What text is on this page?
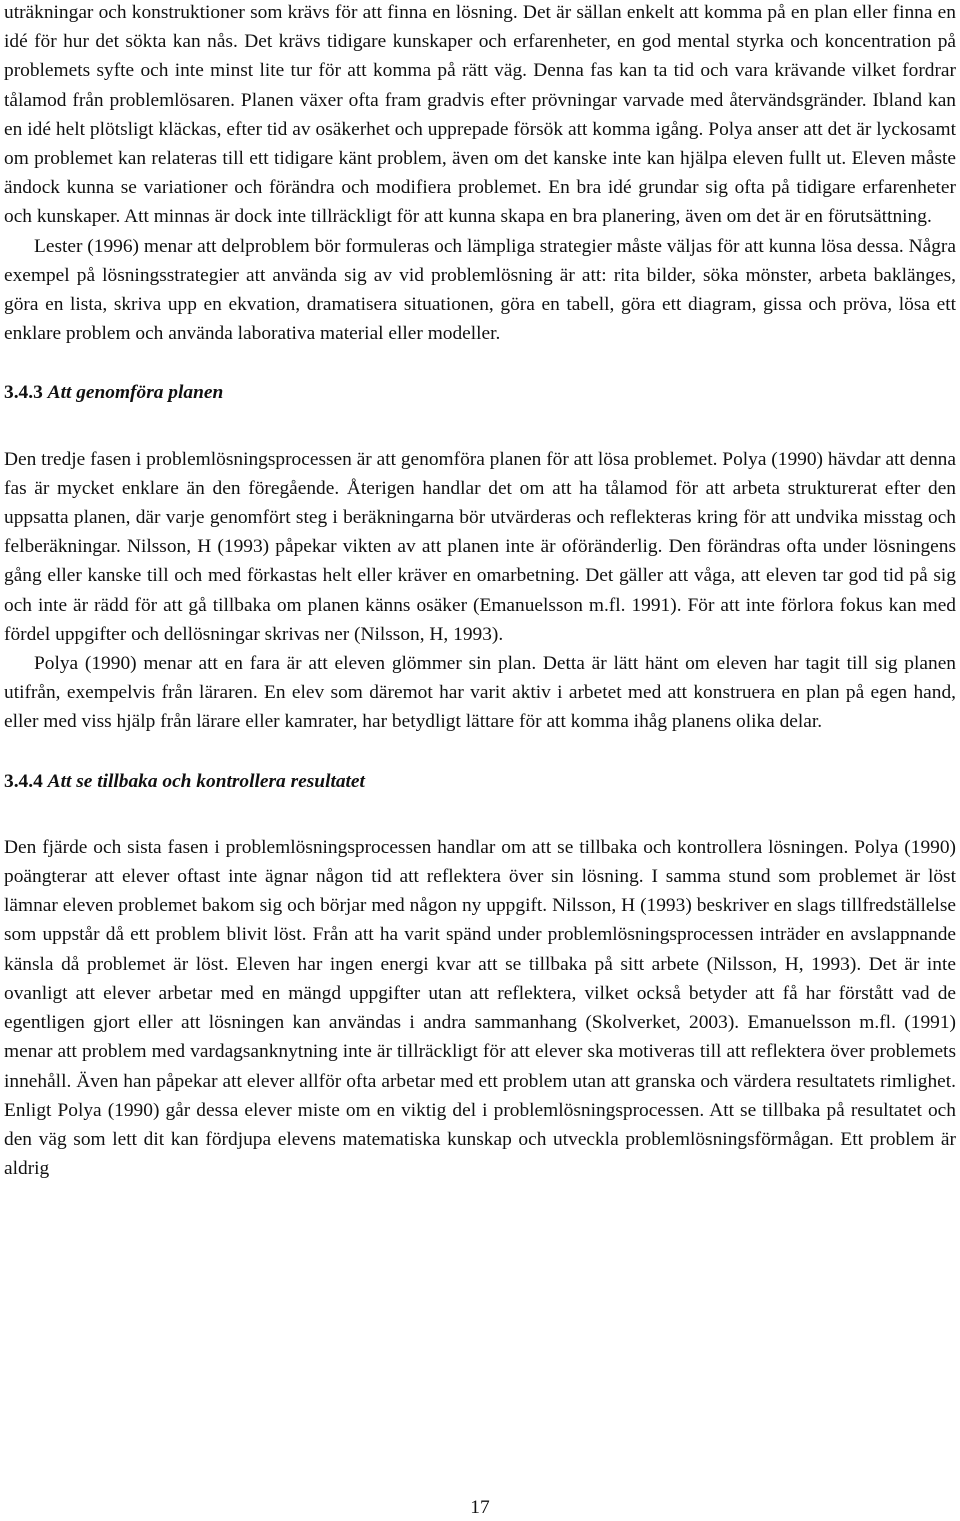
uträkningar och konstruktioner som krävs för att finna en lösning. Det är sällan enkelt att komma på en plan eller finna en idé för hur det sökta kan nås. Det krävs tidigare kunskaper och erfarenheter, en god mental styrka och koncentration på problemets syfte och inte minst lite tur för att komma på rätt väg. Denna fas kan ta tid och vara krävande vilket fordrar tålamod från problemlösaren. Planen växer ofta fram gradvis efter prövningar varvade med återvändsgränder. Ibland kan en idé helt plötsligt kläckas, efter tid av osäkerhet och upprepade försök att komma igång. Polya anser att det är lyckosamt om problemet kan relateras till ett tidigare känt problem, även om det kanske inte kan hjälpa eleven fullt ut. Eleven måste ändock kunna se variationer och förändra och modifiera problemet. En bra idé grundar sig ofta på tidigare erfarenheter och kunskaper. Att minnas är dock inte tillräckligt för att kunna skapa en bra planering, även om det är en förutsättning.

Lester (1996) menar att delproblem bör formuleras och lämpliga strategier måste väljas för att kunna lösa dessa. Några exempel på lösningsstrategier att använda sig av vid problemlösning är att: rita bilder, söka mönster, arbeta baklänges, göra en lista, skriva upp en ekvation, dramatisera situationen, göra en tabell, göra ett diagram, gissa och pröva, lösa ett enklare problem och använda laborativa material eller modeller.

3.4.3 Att genomföra planen

Den tredje fasen i problemlösningsprocessen är att genomföra planen för att lösa problemet. Polya (1990) hävdar att denna fas är mycket enklare än den föregående. Återigen handlar det om att ha tålamod för att arbeta strukturerat efter den uppsatta planen, där varje genomfört steg i beräkningarna bör utvärderas och reflekteras kring för att undvika misstag och felberäkningar. Nilsson, H (1993) påpekar vikten av att planen inte är oföränderlig. Den förändras ofta under lösningens gång eller kanske till och med förkastas helt eller kräver en omarbetning. Det gäller att våga, att eleven tar god tid på sig och inte är rädd för att gå tillbaka om planen känns osäker (Emanuelsson m.fl. 1991). För att inte förlora fokus kan med fördel uppgifter och dellösningar skrivas ner (Nilsson, H, 1993).

Polya (1990) menar att en fara är att eleven glömmer sin plan. Detta är lätt hänt om eleven har tagit till sig planen utifrån, exempelvis från läraren. En elev som däremot har varit aktiv i arbetet med att konstruera en plan på egen hand, eller med viss hjälp från lärare eller kamrater, har betydligt lättare för att komma ihåg planens olika delar.

3.4.4 Att se tillbaka och kontrollera resultatet

Den fjärde och sista fasen i problemlösningsprocessen handlar om att se tillbaka och kontrollera lösningen. Polya (1990) poängterar att elever oftast inte ägnar någon tid att reflektera över sin lösning. I samma stund som problemet är löst lämnar eleven problemet bakom sig och börjar med någon ny uppgift. Nilsson, H (1993) beskriver en slags tillfredställelse som uppstår då ett problem blivit löst. Från att ha varit spänd under problemlösningsprocessen inträder en avslappnande känsla då problemet är löst. Eleven har ingen energi kvar att se tillbaka på sitt arbete (Nilsson, H, 1993). Det är inte ovanligt att elever arbetar med en mängd uppgifter utan att reflektera, vilket också betyder att få har förstått vad de egentligen gjort eller att lösningen kan användas i andra sammanhang (Skolverket, 2003). Emanuelsson m.fl. (1991) menar att problem med vardagsanknytning inte är tillräckligt för att elever ska motiveras till att reflektera över problemets innehåll. Även han påpekar att elever allför ofta arbetar med ett problem utan att granska och värdera resultatets rimlighet. Enligt Polya (1990) går dessa elever miste om en viktig del i problemlösningsprocessen. Att se tillbaka på resultatet och den väg som lett dit kan fördjupa elevens matematiska kunskap och utveckla problemlösningsförmågan. Ett problem är aldrig

17
